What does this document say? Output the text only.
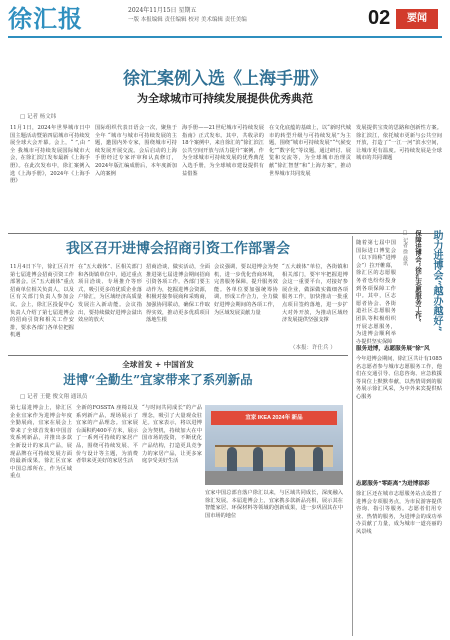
徐汇报	2024年11月15日 星期五
一版 本报编辑 责任编辑 校对 美术编辑 责任美编	02	要闻
徐汇案例入选《上海手册》
为全球城市可持续发展提供优秀典范
□ 记者 杨文纬
11月1日，2024年世界城市日中国主题活动暨第四届城市可持续发展全球大会开幕。会上，“ ”,由 ” 全 我城市可持续发展国际城市大会，在徐汇滨江发布最新《上海手册》。在此次发布中，徐汇案例入选《上海手册》，2024年《上海手册》
国际组织代表日语会一次，聚焦于全年 “城市与城市可持续发展的主题，邀国内外专家，围绕城市可持续发展开展交流。会后启动的上海手册经过专家评审和认真修订，2024年版汇编成册后，本年度新加入的案例
海手册——21世纪城市可持续发展指南》正式发布。其中，共收录的18个案例中，来自徐汇的“徐汇滨江公共空间开放与活力提升”案例，作为全球城市可持续发展的优秀典范入选手册，为全球城市建设提供有益借鉴
在文化底蕴的基础上，以“新时代城市的转型升级与可持续发展”为主题，围绕“城市可持续发展”“气候变化”“数字化”等议题，通过研讨、展览和交流等，为全球城市治理贡献“徐汇智慧”和“上海方案”，推动世界城市共同发展
发展提供宝贵的思路和创新性方案。徐汇滨江，依托城市更新与公共空间开放，打造了“一江一河”滨水空间，让城市更有温度。可持续发展是全球城市的共同课题
我区召开进博会招商引资工作部署会
11月4日下午，徐汇区召开第七届进博会招商引资工作部署会。区“五大载体”重点招商单位相关负责人，以及区有关部门负责人参加会议。会上，徐汇区投促中心负责人介绍了第七届进博会的招商引资和相关工作安排，要求各部门各单位把握机遇
在“五大载体”、区相关部门和各街镇单位中，通过重点项目洽谈、专场推介等形式，吸引更多的优质企业落户徐汇，为区域经济高质量发展注入新动能。会议指出，要持续做好进博会溢出效应的放大
招商洽谈，做实活动，全面推进第七届进博会期间招商引资各项工作。各部门要主动作为，挖掘进博会资源，积极对接参展商和采购商，加强协同联动，确保工作取得实效，推动更多优质项目落地生根
会议强调，要以进博会为契机，进一步优化营商环境，完善服务保障，提升服务效能。各单位要加强统筹协调，形成工作合力，全力做好进博会期间的各项工作，为区域发展贡献力量
“五大载体”单位，各街镇和相关部门，要牢牢把握进博会这一重要平台，对接好参展企业，做深做实做细各项服务工作，加快推动一批重点项目签约落地，进一步扩大对外开放，为推动区域经济发展提供坚强支撑
（本报：许仕兵 ）
全球首发 + 中国首发
进博“全勤生”宜家带来了系列新品
□ 记者 王健 俊文翔 通讯员
第七届进博会上，徐汇区企业宜家作为进博会年度全勤展商，宜家在展会上带来了全球首发和中国首发系列新品，并推出多款全新设计的家具产品，展现品牌在可持续发展方面的最新成果。徐汇区宜家中国总部所在，作为区域重点
全新的FOSSTA 座椅以及系列新产品，现场展示了宜家的产品理念。宜家展台面积约400平方米，展示了一系列可持续的家居产品，围绕可持续发展、平价与设计等主题，为消费者带来更美好的家居生活
“与时间共同成长”的产品理念，吸引了大量观众驻足。宜家表示，将以进博会为契机，持续加大在中国市场的投资，不断优化产品结构，打造更具竞争力的家居产品，让更多家庭享受美好生活
宜家中国总部自落户徐汇以来，与区域共同成长，深度融入徐汇发展。本届进博会上，宜家携多款新品亮相，展示其在智能家居、环保材料等领域的创新成果，进一步巩固其在中国市场的地位
宜家 IKEA 2024年 新品
助力进博会“越办越好”
保障进博会“徐汇志愿服务工作”
□ 记者 徐 晨讯
随着第七届中国国际进口博览会（以下简称“进博会”）拉开帷幕，徐汇区的志愿服务者也纷纷投身到各项保障工作中。其中，区志愿者协会、各街道社区志愿服务团队等积极组织开展志愿服务，为进博会顺利举办提供坚实保障
服务进博，志愿服务展“徐”风
今年进博会期间，徐汇区共计有1085名志愿者参与城市志愿服务工作，他们在交通引导、信息咨询、应急救援等岗位上默默奉献，以热情周到的服务展示徐汇风采，为中外来宾提供贴心服务
志愿服务“零距离”为进博添彩
徐汇区还在城市志愿服务站点设置了进博会专项服务点，为市民游客提供咨询、指引等服务。志愿者们用专业、热情的服务，为进博会的成功举办贡献了力量，成为城市一道亮丽的风景线
